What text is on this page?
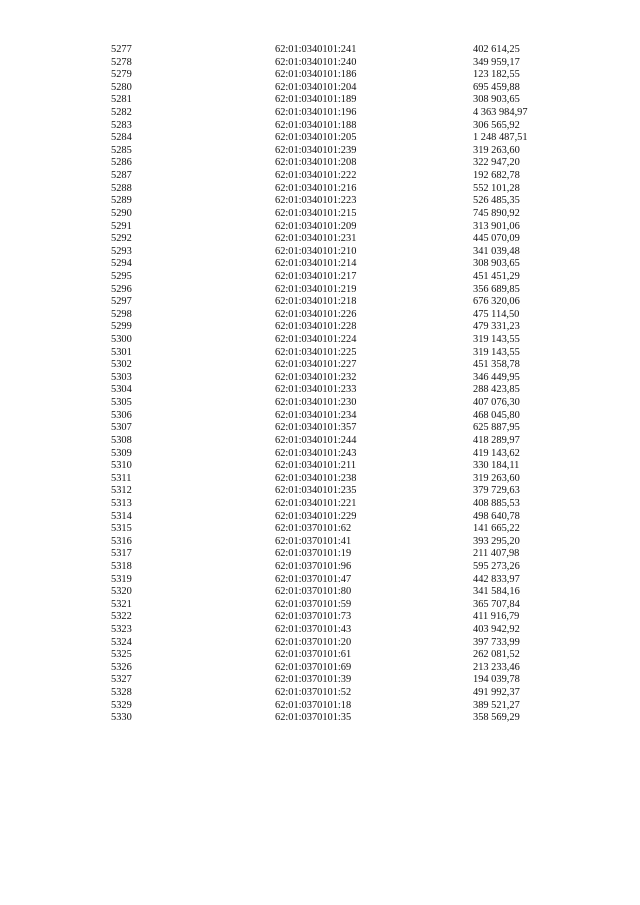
5277	62:01:0340101:241	402 614,25
5278	62:01:0340101:240	349 959,17
5279	62:01:0340101:186	123 182,55
5280	62:01:0340101:204	695 459,88
5281	62:01:0340101:189	308 903,65
5282	62:01:0340101:196	4 363 984,97
5283	62:01:0340101:188	306 565,92
5284	62:01:0340101:205	1 248 487,51
5285	62:01:0340101:239	319 263,60
5286	62:01:0340101:208	322 947,20
5287	62:01:0340101:222	192 682,78
5288	62:01:0340101:216	552 101,28
5289	62:01:0340101:223	526 485,35
5290	62:01:0340101:215	745 890,92
5291	62:01:0340101:209	313 901,06
5292	62:01:0340101:231	445 070,09
5293	62:01:0340101:210	341 039,48
5294	62:01:0340101:214	308 903,65
5295	62:01:0340101:217	451 451,29
5296	62:01:0340101:219	356 689,85
5297	62:01:0340101:218	676 320,06
5298	62:01:0340101:226	475 114,50
5299	62:01:0340101:228	479 331,23
5300	62:01:0340101:224	319 143,55
5301	62:01:0340101:225	319 143,55
5302	62:01:0340101:227	451 358,78
5303	62:01:0340101:232	346 449,95
5304	62:01:0340101:233	288 423,85
5305	62:01:0340101:230	407 076,30
5306	62:01:0340101:234	468 045,80
5307	62:01:0340101:357	625 887,95
5308	62:01:0340101:244	418 289,97
5309	62:01:0340101:243	419 143,62
5310	62:01:0340101:211	330 184,11
5311	62:01:0340101:238	319 263,60
5312	62:01:0340101:235	379 729,63
5313	62:01:0340101:221	408 885,53
5314	62:01:0340101:229	498 640,78
5315	62:01:0370101:62	141 665,22
5316	62:01:0370101:41	393 295,20
5317	62:01:0370101:19	211 407,98
5318	62:01:0370101:96	595 273,26
5319	62:01:0370101:47	442 833,97
5320	62:01:0370101:80	341 584,16
5321	62:01:0370101:59	365 707,84
5322	62:01:0370101:73	411 916,79
5323	62:01:0370101:43	403 942,92
5324	62:01:0370101:20	397 733,99
5325	62:01:0370101:61	262 081,52
5326	62:01:0370101:69	213 233,46
5327	62:01:0370101:39	194 039,78
5328	62:01:0370101:52	491 992,37
5329	62:01:0370101:18	389 521,27
5330	62:01:0370101:35	358 569,29
